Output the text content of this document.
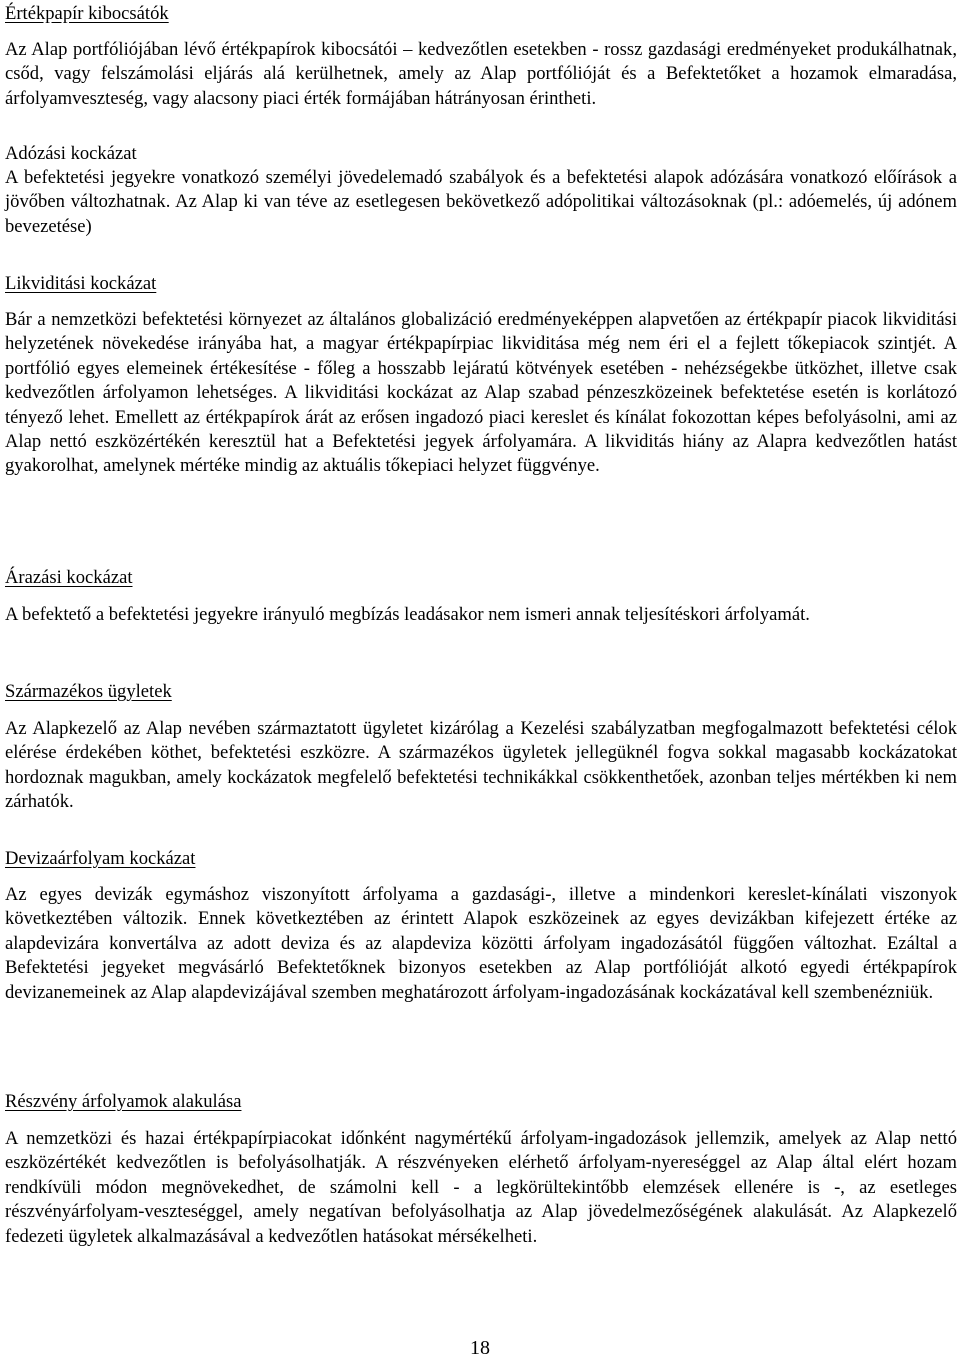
Értékpapír kibocsátók

Az Alap portfóliójában lévő értékpapírok kibocsátói – kedvezőtlen esetekben - rossz gazdasági eredményeket produkálhatnak, csőd, vagy felszámolási eljárás alá kerülhetnek, amely az Alap portfólióját és a Befektetőket a hozamok elmaradása, árfolyamveszteség, vagy alacsony piaci érték formájában hátrányosan érintheti.

Adózási kockázat

A befektetési jegyekre vonatkozó személyi jövedelemadó szabályok és a befektetési alapok adózására vonatkozó előírások a jövőben változhatnak. Az Alap ki van téve az esetlegesen bekövetkező adópolitikai változásoknak (pl.: adóemelés, új adónem bevezetése)

Likviditási kockázat

Bár a nemzetközi befektetési környezet az általános globalizáció eredményeképpen alapvetően az értékpapír piacok likviditási helyzetének növekedése irányába hat, a magyar értékpapírpiac likviditása még nem éri el a fejlett tőkepiacok szintjét. A portfólió egyes elemeinek értékesítése - főleg a hosszabb lejáratú kötvények esetében - nehézségekbe ütközhet, illetve csak kedvezőtlen árfolyamon lehetséges. A likviditási kockázat az Alap szabad pénzeszközeinek befektetése esetén is korlátozó tényező lehet. Emellett az értékpapírok árát az erősen ingadozó piaci kereslet és kínálat fokozottan képes befolyásolni, ami az Alap nettó eszközértékén keresztül hat a Befektetési jegyek árfolyamára. A likviditás hiány az Alapra kedvezőtlen hatást gyakorolhat, amelynek mértéke mindig az aktuális tőkepiaci helyzet függvénye.

Árazási kockázat

A befektető a befektetési jegyekre irányuló megbízás leadásakor nem ismeri annak teljesítéskori árfolyamát.

Származékos ügyletek

Az Alapkezelő az Alap nevében származtatott ügyletet kizárólag a Kezelési szabályzatban megfogalmazott befektetési célok elérése érdekében köthet, befektetési eszközre. A származékos ügyletek jellegüknél fogva sokkal magasabb kockázatokat hordoznak magukban, amely kockázatok megfelelő befektetési technikákkal csökkenthetőek, azonban teljes mértékben ki nem zárhatók.

Devizaárfolyam kockázat

Az egyes devizák egymáshoz viszonyított árfolyama a gazdasági-, illetve a mindenkori kereslet-kínálati viszonyok következtében változik. Ennek következtében az érintett Alapok eszközeinek az egyes devizákban kifejezett értéke az alapdevizára konvertálva az adott deviza és az alapdeviza közötti árfolyam ingadozásától függően változhat. Ezáltal a Befektetési jegyeket megvásárló Befektetőknek bizonyos esetekben az Alap portfólióját alkotó egyedi értékpapírok devizanemeinek az Alap alapdevizájával szemben meghatározott árfolyam-ingadozásának kockázatával kell szembenézniük.

Részvény árfolyamok alakulása

A nemzetközi és hazai értékpapírpiacokat időnként nagymértékű árfolyam-ingadozások jellemzik, amelyek az Alap nettó eszközértékét kedvezőtlen is befolyásolhatják. A részvényeken elérhető árfolyam-nyereséggel az Alap által elért hozam rendkívüli módon megnövekedhet, de számolni kell - a legkörültekintőbb elemzések ellenére is -, az esetleges részvényárfolyam-veszteséggel, amely negatívan befolyásolhatja az Alap jövedelmezőségének alakulását. Az Alapkezelő fedezeti ügyletek alkalmazásával a kedvezőtlen hatásokat mérsékelheti.

18
